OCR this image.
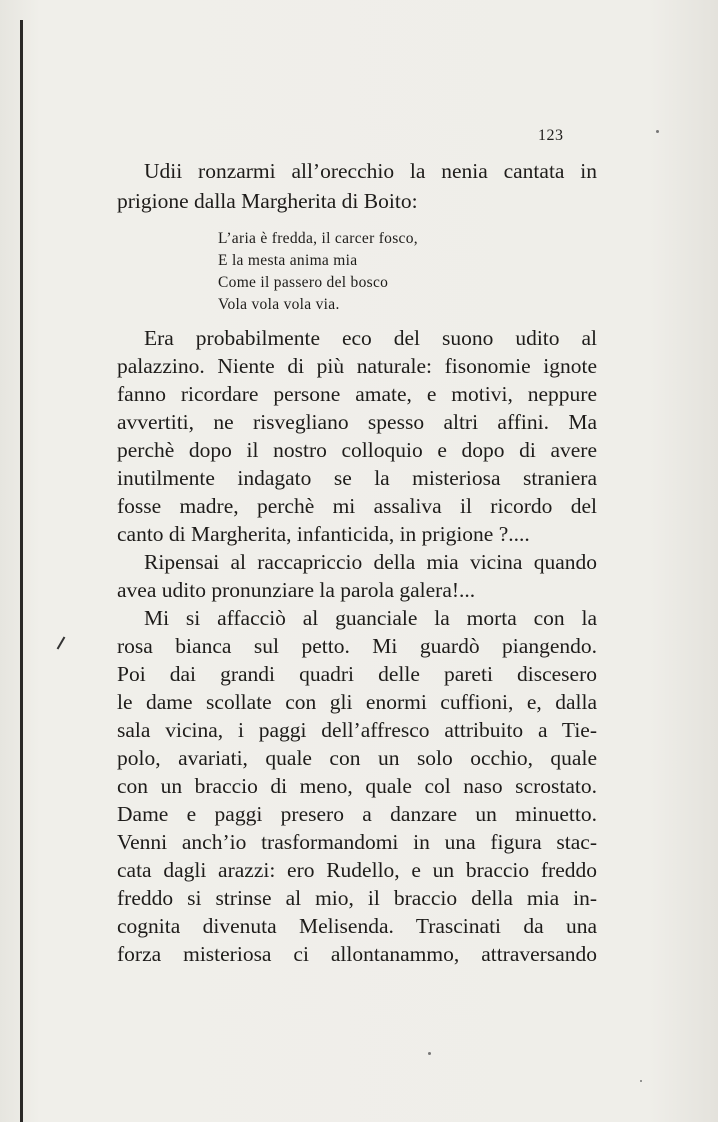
123
Udii ronzarmi all’orecchio la nenia cantata in
prigione dalla Margherita di Boito:
L’aria è fredda, il carcer fosco,
E la mesta anima mia
Come il passero del bosco
Vola vola vola via.
Era probabilmente eco del suono udito al
palazzino. Niente di più naturale: fisonomie ignote
fanno ricordare persone amate, e motivi, neppure
avvertiti, ne risvegliano spesso altri affini. Ma
perchè dopo il nostro colloquio e dopo di avere
inutilmente indagato se la misteriosa straniera
fosse madre, perchè mi assaliva il ricordo del
canto di Margherita, infanticida, in prigione ?....
Ripensai al raccapriccio della mia vicina quando
avea udito pronunziare la parola galera!...
Mi si affacciò al guanciale la morta con la
rosa bianca sul petto. Mi guardò piangendo.
Poi dai grandi quadri delle pareti discesero
le dame scollate con gli enormi cuffioni, e, dalla
sala vicina, i paggi dell’affresco attribuito a Tie-
polo, avariati, quale con un solo occhio, quale
con un braccio di meno, quale col naso scrostato.
Dame e paggi presero a danzare un minuetto.
Venni anch’io trasformandomi in una figura stac-
cata dagli arazzi: ero Rudello, e un braccio freddo
freddo si strinse al mio, il braccio della mia in-
cognita divenuta Melisenda. Trascinati da una
forza misteriosa ci allontanammo, attraversando
